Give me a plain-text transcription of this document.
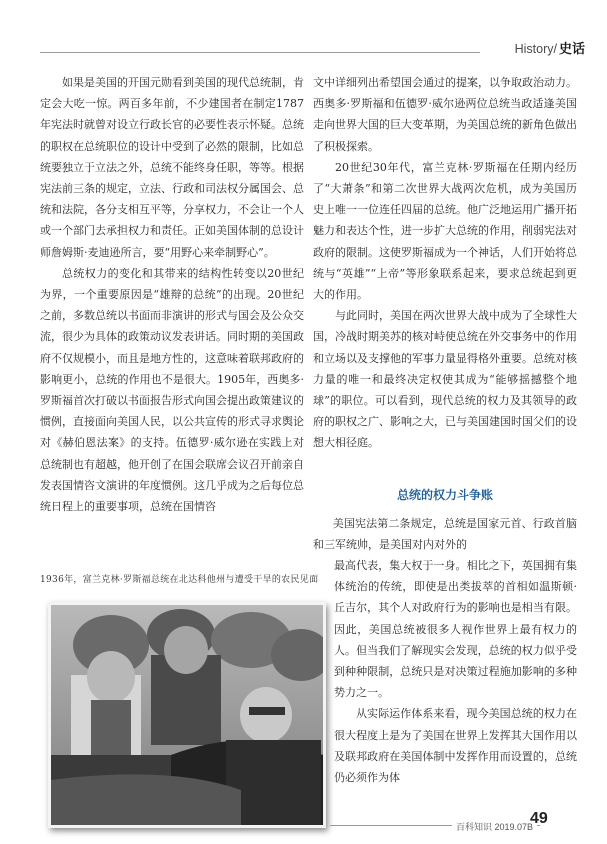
History/ 史话

如果是美国的开国元勋看到美国的现代总统制，肯定会大吃一惊。两百多年前，不少建国者在制定1787年宪法时就曾对设立行政长官的必要性表示怀疑。总统的职权在总统职位的设计中受到了必然的限制，比如总统要独立于立法之外，总统不能终身任职，等等。根据宪法前三条的规定，立法、行政和司法权分属国会、总统和法院，各分支相互平等，分享权力，不会让一个人或一个部门去承担权力和责任。正如美国体制的总设计师詹姆斯·麦迪逊所言，要“用野心来牵制野心”。

总统权力的变化和其带来的结构性转变以20世纪为界，一个重要原因是“雄辩的总统”的出现。20世纪之前，多数总统以书面而非演讲的形式与国会及公众交流，很少为具体的政策动议发表讲话。同时期的美国政府不仅规模小，而且是地方性的，这意味着联邦政府的影响更小，总统的作用也不是很大。1905年，西奥多·罗斯福首次打破以书面报告形式向国会提出政策建议的惯例，直接面向美国人民，以公共宣传的形式寻求舆论对《赫伯恩法案》的支持。伍德罗·威尔逊在实践上对总统制也有超越，他开创了在国会联席会议召开前亲自发表国情咨文演讲的年度惯例。这几乎成为之后每位总统日程上的重要事项，总统在国情咨

文中详细列出希望国会通过的提案，以争取政治动力。西奥多·罗斯福和伍德罗·威尔逊两位总统当政适逢美国走向世界大国的巨大变革期，为美国总统的新角色做出了积极探索。

20世纪30年代，富兰克林·罗斯福在任期内经历了“大萧条”和第二次世界大战两次危机，成为美国历史上唯一一位连任四届的总统。他广泛地运用广播开拓魅力和表达个性，进一步扩大总统的作用，削弱宪法对政府的限制。这使罗斯福成为一个神话，人们开始将总统与“英雄”“上帝”等形象联系起来，要求总统起到更大的作用。

与此同时，美国在两次世界大战中成为了全球性大国，冷战时期美苏的核对峙使总统在外交事务中的作用和立场以及支撑他的军事力量显得格外重要。总统对核力量的唯一和最终决定权使其成为“能够摇撼整个地球”的职位。可以看到，现代总统的权力及其领导的政府的职权之广、影响之大，已与美国建国时国父们的设想大相径庭。

总统的权力斗争账

美国宪法第二条规定，总统是国家元首、行政首脑和三军统帅，是美国对内对外的

最高代表，集大权于一身。相比之下，英国拥有集体统治的传统，即使是出类拔萃的首相如温斯顿·丘吉尔，其个人对政府行为的影响也是相当有限。因此，美国总统被很多人视作世界上最有权力的人。但当我们了解现实会发现，总统的权力似乎受到种种限制，总统只是对决策过程施加影响的多种势力之一。

从实际运作体系来看，现今美国总统的权力在很大程度上是为了美国在世界上发挥其大国作用以及联邦政府在美国体制中发挥作用而设置的，总统仍必须作为体

1936年，富兰克林·罗斯福总统在北达科他州与遭受干旱的农民见面
百科知识 2019.07B
49
